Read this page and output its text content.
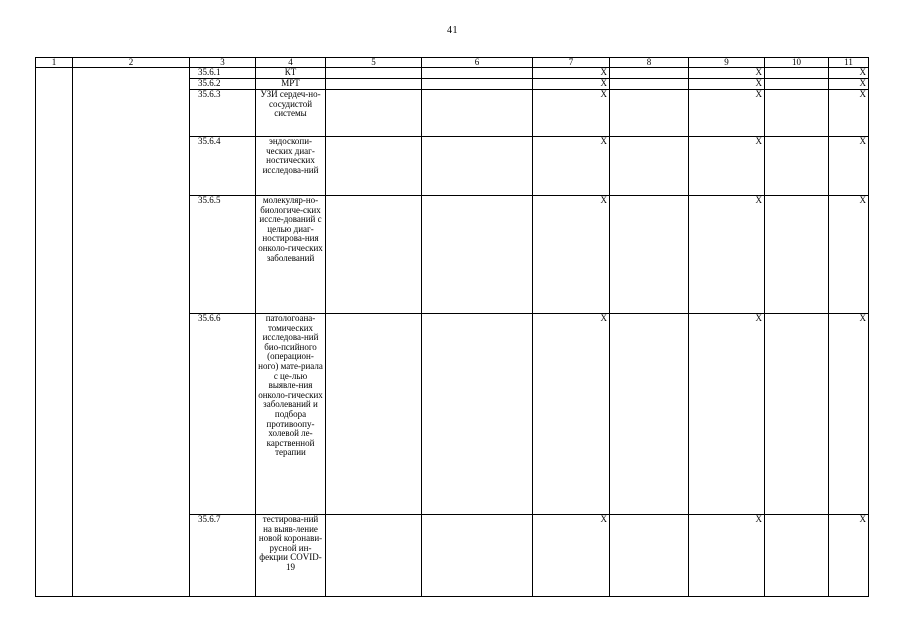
41
1	2	3	4	5	6	7	8	9	10	11
		35.6.1	КТ			X		X		X
		35.6.2	МРТ			X		X		X
		35.6.3	УЗИ сердеч-но-сосудистой системы			X		X		X
		35.6.4	эндоскопи-ческих диаг-ностических исследова-ний			X		X		X
		35.6.5	молекуляр-но-биологиче-ских иссле-дований с целью диаг-ностирова-ния онколо-гических заболеваний			X		X		X
		35.6.6	патологоана-томических исследова-ний био-псийного (операцион-ного) мате-риала с це-лью выявле-ния онколо-гических заболеваний и подбора противоопу-холевой ле-карственной терапии			X		X		X
		35.6.7	тестирова-ний на выяв-ление новой коронави-русной ин-фекции COVID-19			X		X		X
